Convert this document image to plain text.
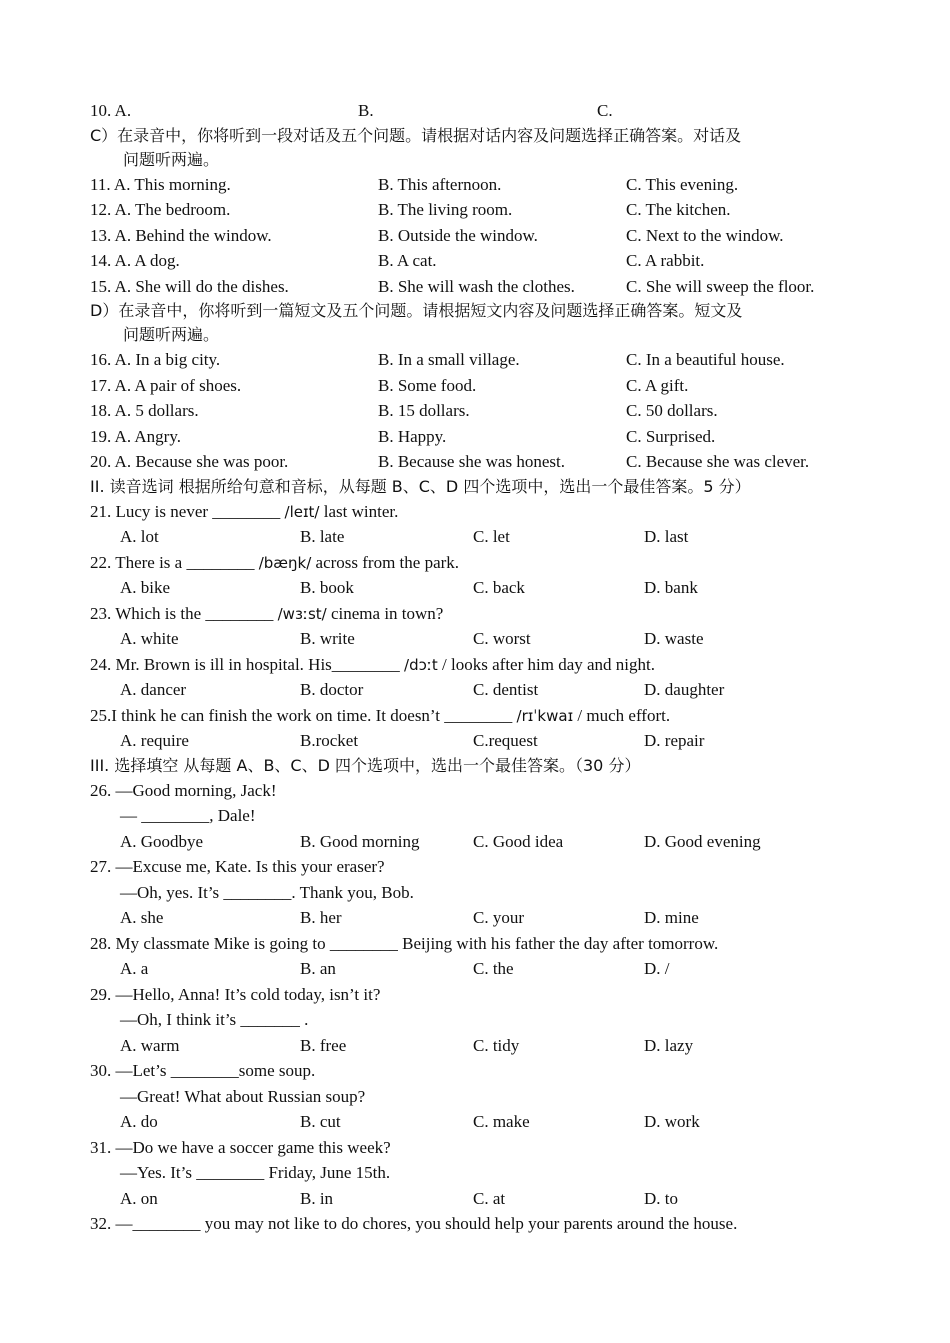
10. A.	B.	C.
C）在录音中，你将听到一段对话及五个问题。请根据对话内容及问题选择正确答案。对话及
问题听两遍。
11. A. This morning.	B. This afternoon.	C. This evening.
12. A. The bedroom.	B. The living room.	C. The kitchen.
13. A. Behind the window.	B. Outside the window.	C. Next to the window.
14. A. A dog.	B. A cat.	C. A rabbit.
15. A. She will do the dishes.	B. She will wash the clothes.	C. She will sweep the floor.
D）在录音中，你将听到一篇短文及五个问题。请根据短文内容及问题选择正确答案。短文及
问题听两遍。
16. A. In a big city.	B. In a small village.	C. In a beautiful house.
17. A. A pair of shoes.	B. Some food.	C. A gift.
18. A. 5 dollars.	B. 15 dollars.	C. 50 dollars.
19. A. Angry.	B. Happy.	C. Surprised.
20. A. Because she was poor.	B. Because she was honest.	C. Because she was clever.
II. 读音选词 根据所给句意和音标，从每题 B、C、D 四个选项中，选出一个最佳答案。5 分）
21. Lucy is never ________ /leɪt/ last winter.
A. lot	B. late	C. let	D. last
22. There is a ________ /bæŋk/ across from the park.
A. bike	B. book	C. back	D. bank
23. Which is the ________ /wɜːst/ cinema in town?
A. white	B. write	C. worst	D. waste
24. Mr. Brown is ill in hospital. His________ /dɔːt / looks after him day and night.
A. dancer	B. doctor	C. dentist	D. daughter
25.I think he can finish the work on time. It doesn’t ________ /rɪˈkwaɪ / much effort.
A. require	B.rocket	C.request	D. repair
III. 选择填空 从每题 A、B、C、D 四个选项中，选出一个最佳答案。（30 分）
26. —Good morning, Jack!
— ________, Dale!
A. Goodbye	B. Good morning	C. Good idea	D. Good evening
27. —Excuse me, Kate. Is this your eraser?
—Oh, yes. It’s ________. Thank you, Bob.
A. she	B. her	C. your	D. mine
28. My classmate Mike is going to ________ Beijing with his father the day after tomorrow.
A. a	B. an	C. the	D. /
29. —Hello, Anna! It’s cold today, isn’t it?
—Oh, I think it’s _______ .
A. warm	B. free	C. tidy	D. lazy
30. —Let’s ________some soup.
—Great! What about Russian soup?
A. do	B. cut	C. make	D. work
31. —Do we have a soccer game this week?
—Yes. It’s ________ Friday, June 15th.
A. on	B. in	C. at	D. to
32. —________ you may not like to do chores, you should help your parents around the house.
